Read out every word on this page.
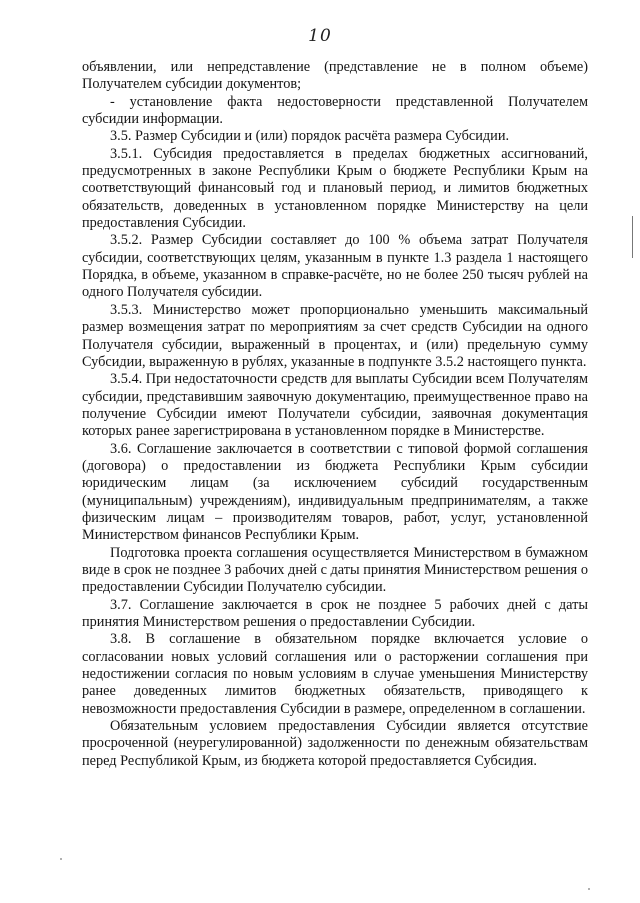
10

объявлении, или непредставление (представление не в полном объеме) Получателем субсидии документов;

- установление факта недостоверности представленной Получателем субсидии информации.

3.5. Размер Субсидии и (или) порядок расчёта размера Субсидии.

3.5.1. Субсидия предоставляется в пределах бюджетных ассигнований, предусмотренных в законе Республики Крым о бюджете Республики Крым на соответствующий финансовый год и плановый период, и лимитов бюджетных обязательств, доведенных в установленном порядке Министерству на цели предоставления Субсидии.

3.5.2. Размер Субсидии составляет до 100 % объема затрат Получателя субсидии, соответствующих целям, указанным в пункте 1.3 раздела 1 настоящего Порядка, в объеме, указанном в справке-расчёте, но не более 250 тысяч рублей на одного Получателя субсидии.

3.5.3. Министерство может пропорционально уменьшить максимальный размер возмещения затрат по мероприятиям за счет средств Субсидии на одного Получателя субсидии, выраженный в процентах, и (или) предельную сумму Субсидии, выраженную в рублях, указанные в подпункте 3.5.2 настоящего пункта.

3.5.4. При недостаточности средств для выплаты Субсидии всем Получателям субсидии, представившим заявочную документацию, преимущественное право на получение Субсидии имеют Получатели субсидии, заявочная документация которых ранее зарегистрирована в установленном порядке в Министерстве.

3.6. Соглашение заключается в соответствии с типовой формой соглашения (договора) о предоставлении из бюджета Республики Крым субсидии юридическим лицам (за исключением субсидий государственным (муниципальным) учреждениям), индивидуальным предпринимателям, а также физическим лицам – производителям товаров, работ, услуг, установленной Министерством финансов Республики Крым.

Подготовка проекта соглашения осуществляется Министерством в бумажном виде в срок не позднее 3 рабочих дней с даты принятия Министерством решения о предоставлении Субсидии Получателю субсидии.

3.7. Соглашение заключается в срок не позднее 5 рабочих дней с даты принятия Министерством решения о предоставлении Субсидии.

3.8. В соглашение в обязательном порядке включается условие о согласовании новых условий соглашения или о расторжении соглашения при недостижении согласия по новым условиям в случае уменьшения Министерству ранее доведенных лимитов бюджетных обязательств, приводящего к невозможности предоставления Субсидии в размере, определенном в соглашении.

Обязательным условием предоставления Субсидии является отсутствие просроченной (неурегулированной) задолженности по денежным обязательствам перед Республикой Крым, из бюджета которой предоставляется Субсидия.
